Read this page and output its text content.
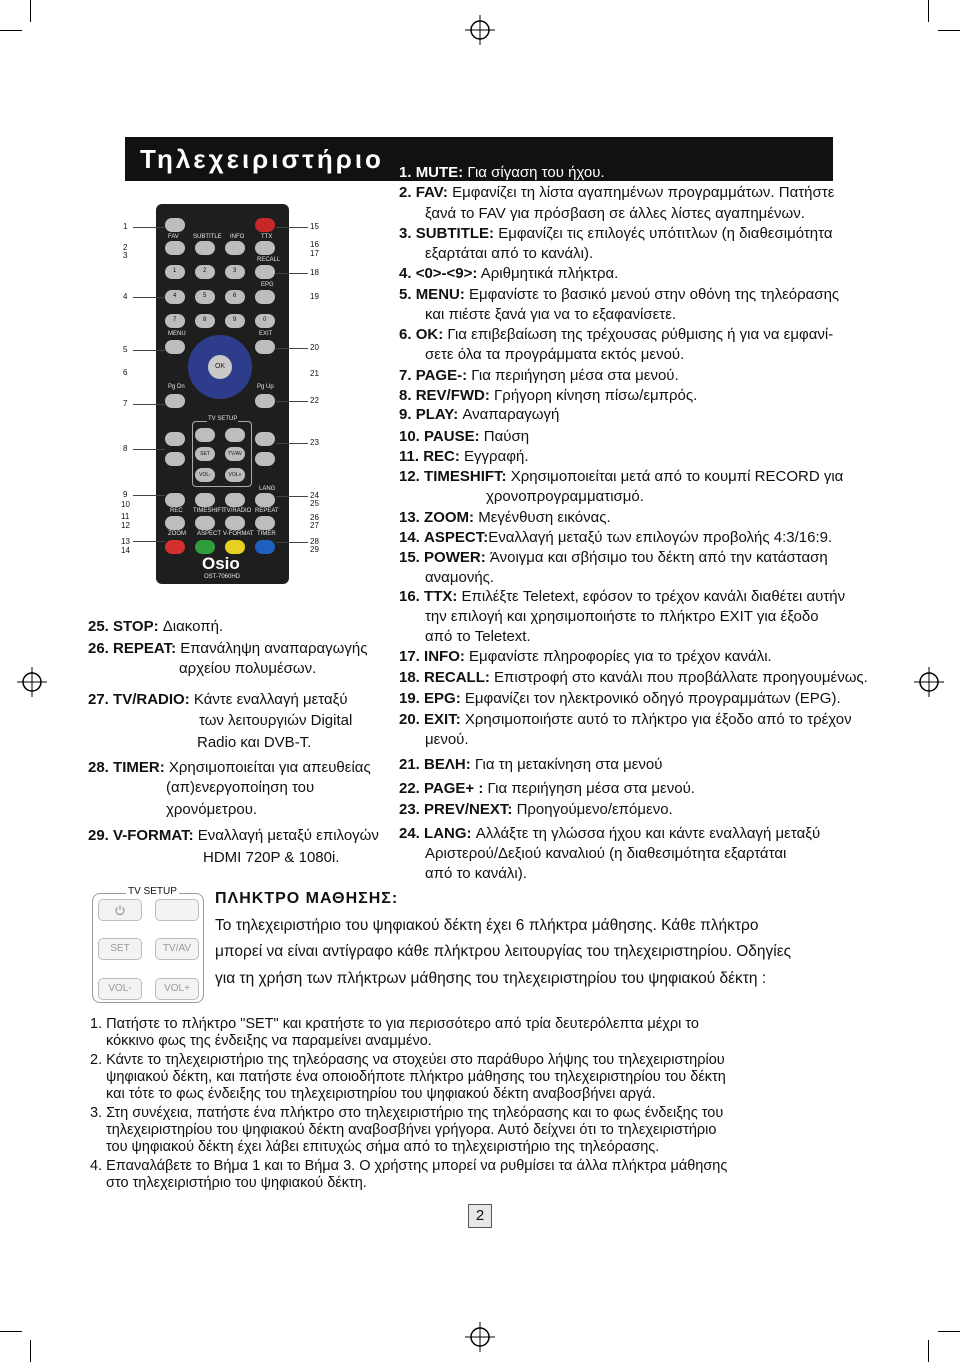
Τηλεχειριστήριο
FAV SUBTITLE INFO	TTX
RECALL
1	2	3
EPG
4	5	6
7	8	9	0
MENU	EXIT
OK
Pg Dn	Pg Up
TV SETUP
SET	TV/AV
VOL-	VOL+
LANG
REC TIMESHIFT
TV/RADIO REPEAT
ZOOM ASPECT V-FORMAT TIMER
Osio
OST-7060HD
1
2
3
4
5
6
7
8
9
10
11
12
13
14
15
16
17
18
19
20
21
22
23
24
25
26
27
28
29
1. MUTE: Για σίγαση του ήχου.
2. FAV: Εμφανίζει τη λίστα αγαπημένων προγραμμάτων. Πατήστε
ξανά το FAV για πρόσβαση σε άλλες λίστες αγαπημένων.
3. SUBTITLE: Εμφανίζει τις επιλογές υπότιτλων (η διαθεσιμότητα
εξαρτάται από το κανάλι).
4. <0>-<9>: Αριθμητικά πλήκτρα.
5. MENU: Εμφανίστε το βασικό μενού στην οθόνη της τηλεόρασης
και πιέστε ξανά για να το εξαφανίσετε.
6. OK: Για επιβεβαίωση της τρέχουσας ρύθμισης ή για να εμφανί-
σετε όλα τα προγράμματα εκτός μενού.
7. PAGE-: Για περιήγηση μέσα στα μενού.
8. REV/FWD: Γρήγορη κίνηση πίσω/εμπρός.
9. PLAY: Αναπαραγωγή
10. PAUSE: Παύση
11. REC: Εγγραφή.
12. TIMESHIFT: Χρησιμοποιείται μετά από το κουμπί RECORD για
χρονοπρογραμματισμό.
13. ZOOM: Μεγένθυση εικόνας.
14. ASPECT:Εναλλαγή μεταξύ των επιλογών προβολής 4:3/16:9.
15. POWER: Άνοιγμα και σβήσιμο του δέκτη από την κατάσταση
αναμονής.
16. TTX: Επιλέξτε Teletext, εφόσον το τρέχον κανάλι διαθέτει αυτήν
την επιλογή και χρησιμοποιήστε το πλήκτρο EXIT για έξοδο
από το Teletext.
17. INFO: Εμφανίστε πληροφορίες για το τρέχον κανάλι.
18. RECALL: Επιστροφή στο κανάλι που προβάλλατε προηγουμένως.
19. EPG: Εμφανίζει τον ηλεκτρονικό οδηγό προγραμμάτων (EPG).
20. EXIT: Χρησιμοποιήστε αυτό το πλήκτρο για έξοδο από το τρέχον
μενού.
21. ΒΕΛΗ: Για τη μετακίνηση στα μενού
22. PAGE+ : Για περιήγηση μέσα στα μενού.
23. PREV/NEXT: Προηγούμενο/επόμενο.
24. LANG: Αλλάξτε τη γλώσσα ήχου και κάντε εναλλαγή μεταξύ
Αριστερού/Δεξιού καναλιού (η διαθεσιμότητα εξαρτάται
από το κανάλι).
25. STOP: Διακοπή.
26. REPEAT: Επανάληψη αναπαραγωγής
αρχείου πολυμέσων.
27. TV/RADIO: Κάντε εναλλαγή μεταξύ
των λειτουργιών Digital
Radio και DVB-T.
28. TIMER: Χρησιμοποιείται για απευθείας
(απ)ενεργοποίηση του
χρονόμετρου.
29. V-FORMAT: Εναλλαγή μεταξύ επιλογών
HDMI 720P & 1080i.
TV SETUP
SET	TV/AV
VOL-	VOL+
ΠΛΗΚΤΡΟ ΜΑΘΗΣΗΣ:
Το τηλεχειριστήριο του ψηφιακού δέκτη έχει 6 πλήκτρα μάθησης. Κάθε πλήκτρο
μπορεί να είναι αντίγραφο κάθε πλήκτρου λειτουργίας του τηλεχειριστηρίου. Οδηγίες
για τη χρήση των πλήκτρων μάθησης του τηλεχειριστηρίου του ψηφιακού δέκτη :
1. Πατήστε το πλήκτρο "SET" και κρατήστε το για περισσότερο από τρία δευτερόλεπτα μέχρι το
κόκκινο φως της ένδειξης να παραμείνει αναμμένο.
2. Κάντε το τηλεχειριστήριο της τηλεόρασης να στοχεύει στο παράθυρο λήψης του τηλεχειριστηρίου
ψηφιακού δέκτη, και πατήστε ένα οποιοδήποτε πλήκτρο μάθησης του τηλεχειριστηρίου του δέκτη
και τότε το φως ένδειξης του τηλεχειριστηρίου του ψηφιακού δέκτη αναβοσβήνει αργά.
3. Στη συνέχεια, πατήστε ένα πλήκτρο στο τηλεχειριστήριο της τηλεόρασης και το φως ένδειξης του
τηλεχειριστηρίου του ψηφιακού δέκτη αναβοσβήνει γρήγορα. Αυτό δείχνει ότι το τηλεχειριστήριο
του ψηφιακού δέκτη έχει λάβει επιτυχώς σήμα από το τηλεχειριστήριο της τηλεόρασης.
4. Επαναλάβετε το Βήμα 1 και το Βήμα 3. Ο χρήστης μπορεί να ρυθμίσει τα άλλα πλήκτρα μάθησης
στο τηλεχειριστήριο του ψηφιακού δέκτη.
2
